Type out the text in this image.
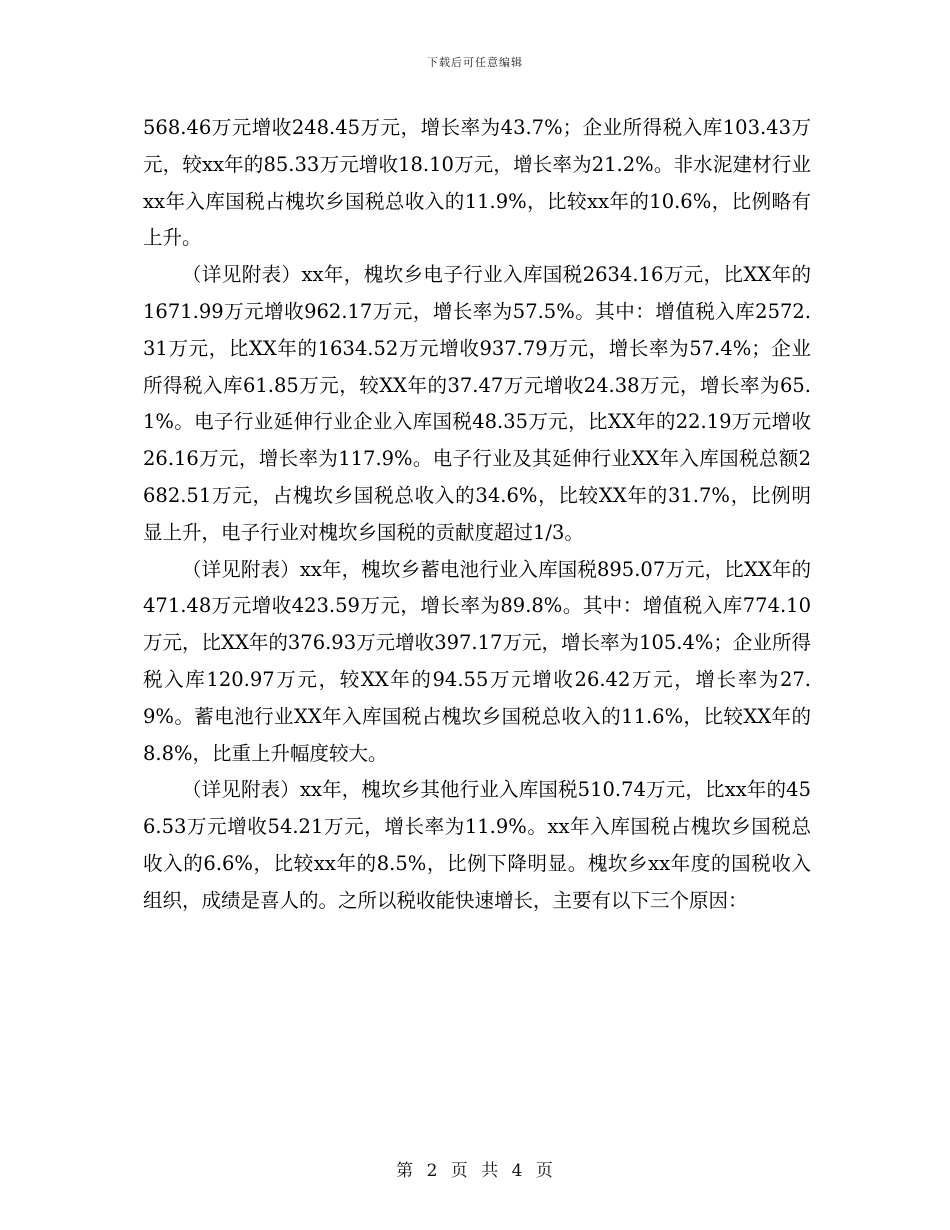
下载后可任意编辑

568.46万元增收248.45万元，增长率为43.7%；企业所得税入库103.43万元，较xx年的85.33万元增收18.10万元，增长率为21.2%。非水泥建材行业xx年入库国税占槐坎乡国税总收入的11.9%，比较xx年的10.6%，比例略有上升。

（详见附表）xx年，槐坎乡电子行业入库国税2634.16万元，比XX年的1671.99万元增收962.17万元，增长率为57.5%。其中：增值税入库2572.31万元，比XX年的1634.52万元增收937.79万元，增长率为57.4%；企业所得税入库61.85万元，较XX年的37.47万元增收24.38万元，增长率为65.1%。电子行业延伸行业企业入库国税48.35万元，比XX年的22.19万元增收26.16万元，增长率为117.9%。电子行业及其延伸行业XX年入库国税总额2682.51万元，占槐坎乡国税总收入的34.6%，比较XX年的31.7%，比例明显上升，电子行业对槐坎乡国税的贡献度超过1/3。

（详见附表）xx年，槐坎乡蓄电池行业入库国税895.07万元，比XX年的471.48万元增收423.59万元，增长率为89.8%。其中：增值税入库774.10万元，比XX年的376.93万元增收397.17万元，增长率为105.4%；企业所得税入库120.97万元，较XX年的94.55万元增收26.42万元，增长率为27.9%。蓄电池行业XX年入库国税占槐坎乡国税总收入的11.6%，比较XX年的8.8%，比重上升幅度较大。

（详见附表）xx年，槐坎乡其他行业入库国税510.74万元，比xx年的456.53万元增收54.21万元，增长率为11.9%。xx年入库国税占槐坎乡国税总收入的6.6%，比较xx年的8.5%，比例下降明显。槐坎乡xx年度的国税收入组织，成绩是喜人的。之所以税收能快速增长，主要有以下三个原因：

第 2 页 共 4 页
